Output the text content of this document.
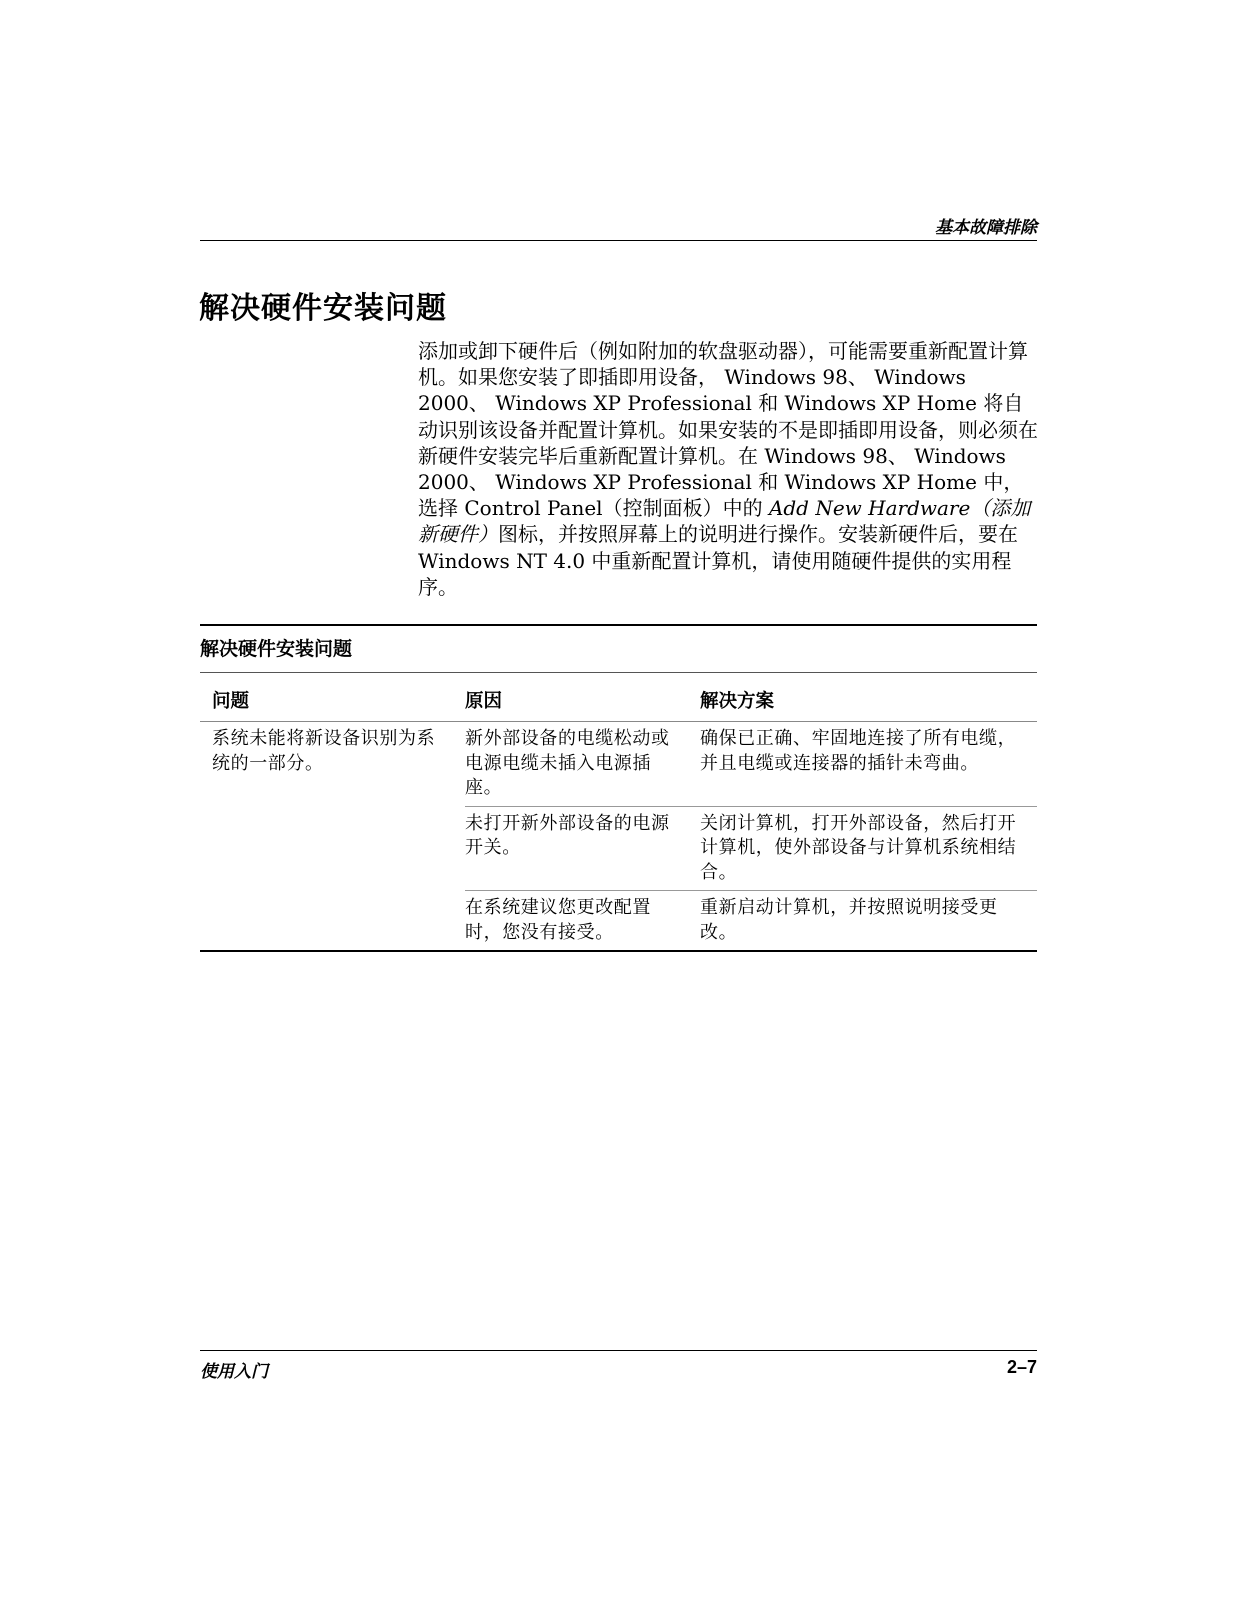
基本故障排除
解决硬件安装问题

添加或卸下硬件后（例如附加的软盘驱动器），可能需要重新配置计算机。如果您安装了即插即用设备， Windows 98、 Windows 2000、 Windows XP Professional 和 Windows XP Home 将自动识别该设备并配置计算机。如果安装的不是即插即用设备，则必须在新硬件安装完毕后重新配置计算机。在 Windows 98、 Windows 2000、 Windows XP Professional 和 Windows XP Home 中，选择 Control Panel（控制面板）中的 Add New Hardware（添加新硬件）图标，并按照屏幕上的说明进行操作。安装新硬件后，要在 Windows NT 4.0 中重新配置计算机，请使用随硬件提供的实用程序。

解决硬件安装问题
问题	原因	解决方案
系统未能将新设备识别为系统的一部分。	新外部设备的电缆松动或电源电缆未插入电源插座。	确保已正确、牢固地连接了所有电缆，并且电缆或连接器的插针未弯曲。
	未打开新外部设备的电源开关。	关闭计算机，打开外部设备，然后打开计算机，使外部设备与计算机系统相结合。
	在系统建议您更改配置时，您没有接受。	重新启动计算机，并按照说明接受更改。
使用入门	2–7
